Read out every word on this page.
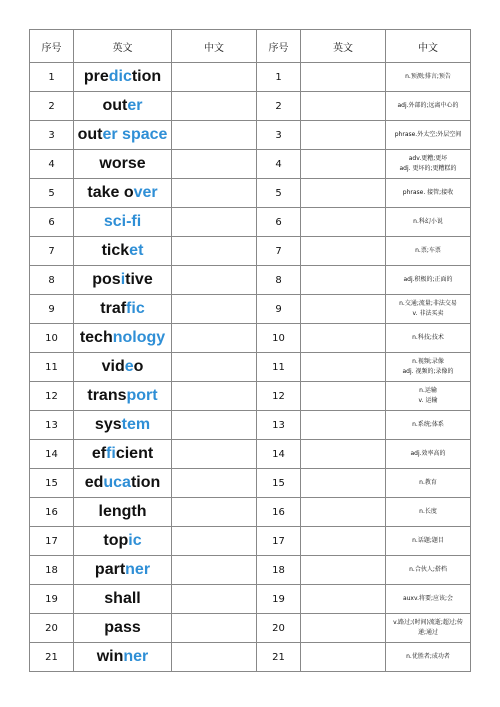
序号	英文	中文	序号	英文	中文
1	prediction		1		n.预测;排言;预告

2	outer		2		adj.外部的;远离中心的

3	outer space		3		phrase.外太空;外层空间

4	worse		4		adv.更糟;更坏
adj. 更坏的;更糟糕的

5	take over		5		phrase. 接管;接收

6	sci-fi		6		n.科幻小说

7	ticket		7		n.票;车票

8	positive		8		adj.积极的;正面的

9	traffic		9		n.交通;流量;非法交易
v. 非法买卖

10	technology		10		n.科技;技术

11	video		11		n.视频;录像
adj. 视频的;录像的

12	transport		12		n.运输
v. 运输

13	system		13		n.系统;体系

14	efficient		14		adj.效率高的

15	education		15		n.教育

16	length		16		n.长度

17	topic		17		n.话题;题目

18	partner		18		n.合伙人;搭档

19	shall		19		auxv.将要;应该;会

20	pass		20		v.路过;(时间)流逝;超过;传
递;通过

21	winner		21		n.优胜者;成功者
